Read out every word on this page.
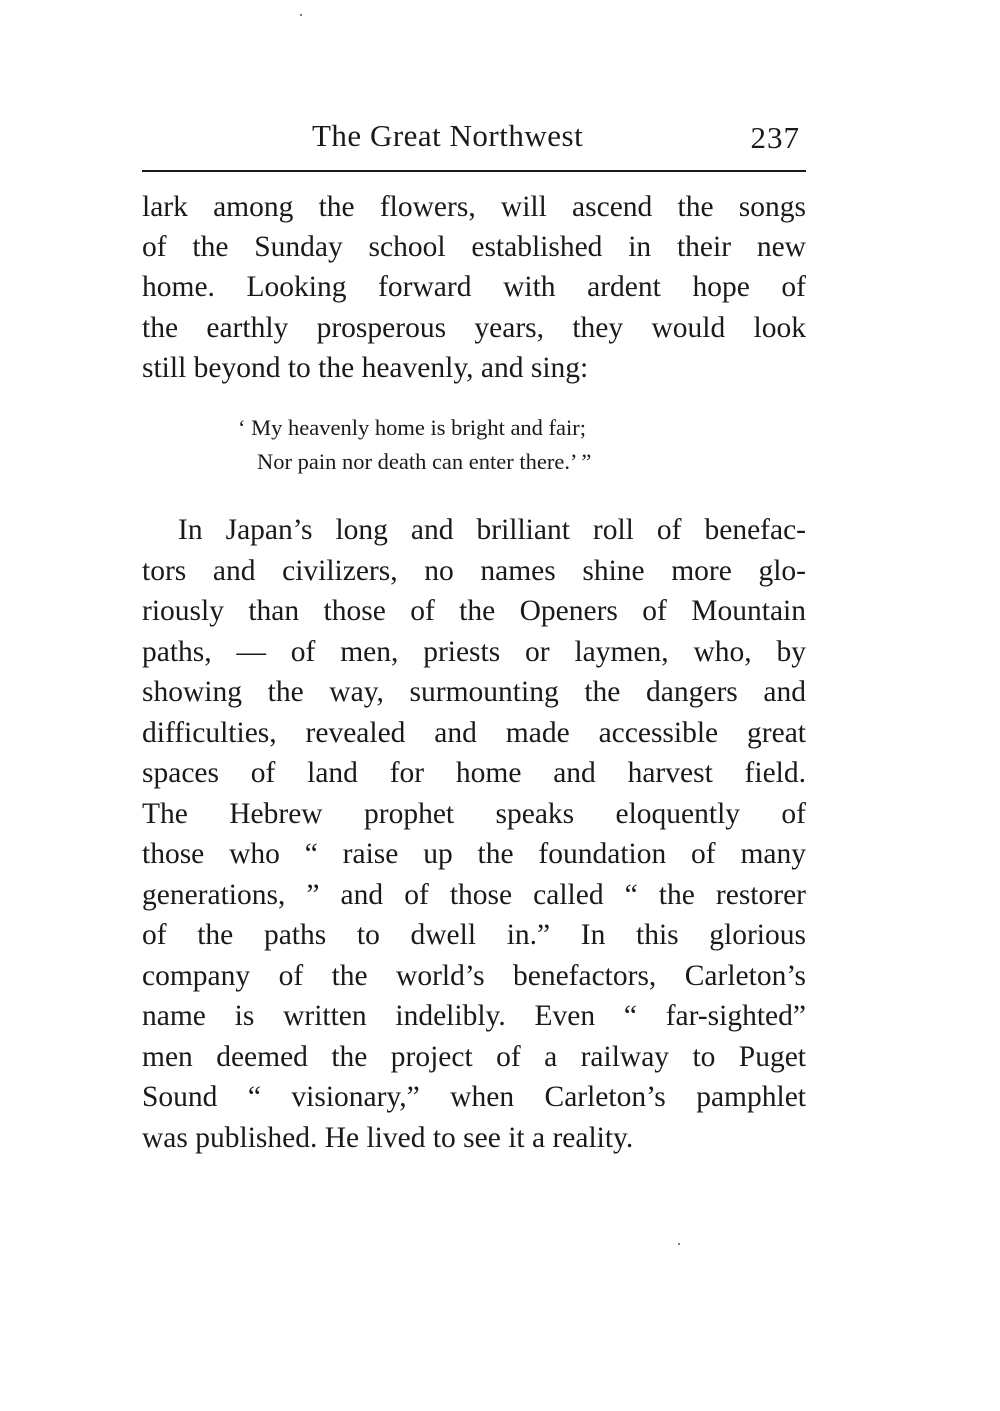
The Great Northwest	237
lark among the flowers, will ascend the songs
of the Sunday school established in their new
home. Looking forward with ardent hope of
the earthly prosperous years, they would look
still beyond to the heavenly, and sing:
‘ My heavenly home is bright and fair;
Nor pain nor death can enter there.’ ”
In Japan’s long and brilliant roll of benefac-
tors and civilizers, no names shine more glo-
riously than those of the Openers of Mountain
paths, — of men, priests or laymen, who, by
showing the way, surmounting the dangers and
difficulties, revealed and made accessible great
spaces of land for home and harvest field.
The Hebrew prophet speaks eloquently of
those who “ raise up the foundation of many
generations, ” and of those called “ the restorer
of the paths to dwell in.” In this glorious
company of the world’s benefactors, Carleton’s
name is written indelibly. Even “ far-sighted”
men deemed the project of a railway to Puget
Sound “ visionary,” when Carleton’s pamphlet
was published. He lived to see it a reality.
